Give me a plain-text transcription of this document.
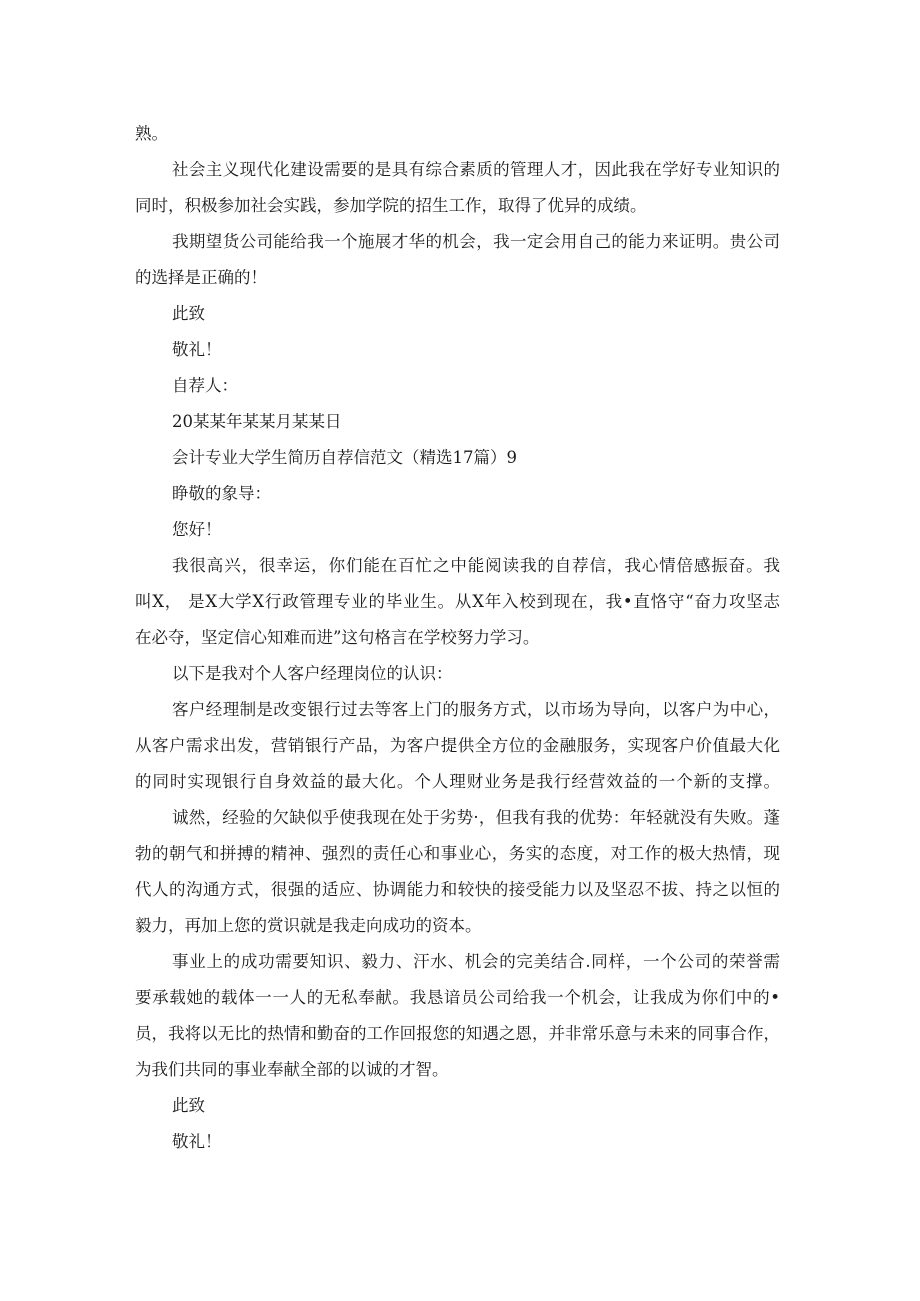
熟。
社会主义现代化建设需要的是具有综合素质的管理人才，因此我在学好专业知识的
同时，积极参加社会实践，参加学院的招生工作，取得了优异的成绩。
我期望货公司能给我一个施展才华的机会，我一定会用自己的能力来证明。贵公司
的选择是正确的！
此致
敬礼！
自荐人：
20某某年某某月某某日
会计专业大学生简历自荐信范文（精选17篇）9
睁敬的象导：
您好！
我很高兴，很幸运，你们能在百忙之中能阅读我的自荐信，我心情倍感振奋。我
叫X， 是X大学X行政管理专业的毕业生。从X年入校到现在，我•直恪守“奋力攻坚志
在必夺，坚定信心知难而进”这句格言在学校努力学习。
以下是我对个人客户经理岗位的认识：
客户经理制是改变银行过去等客上门的服务方式，以市场为导向，以客户为中心，
从客户需求出发，营销银行产品，为客户提供全方位的金融服务，实现客户价值最大化
的同时实现银行自身效益的最大化。个人理财业务是我行经营效益的一个新的支撑。
诚然，经验的欠缺似乎使我现在处于劣势·，但我有我的优势：年轻就没有失败。蓬
勃的朝气和拼搏的精神、强烈的责任心和事业心，务实的态度，对工作的极大热情，现
代人的沟通方式，很强的适应、协调能力和较快的接受能力以及坚忍不拔、持之以恒的
毅力，再加上您的赏识就是我走向成功的资本。
事业上的成功需要知识、毅力、汗水、机会的完美结合.同样，一个公司的荣誉需
要承载她的载体一一人的无私奉献。我恳谙员公司给我一个机会，让我成为你们中的•
员，我将以无比的热情和勤奋的工作回报您的知遇之恩，并非常乐意与未来的同事合作，
为我们共同的事业奉献全部的以诚的才智。
此致
敬礼！
